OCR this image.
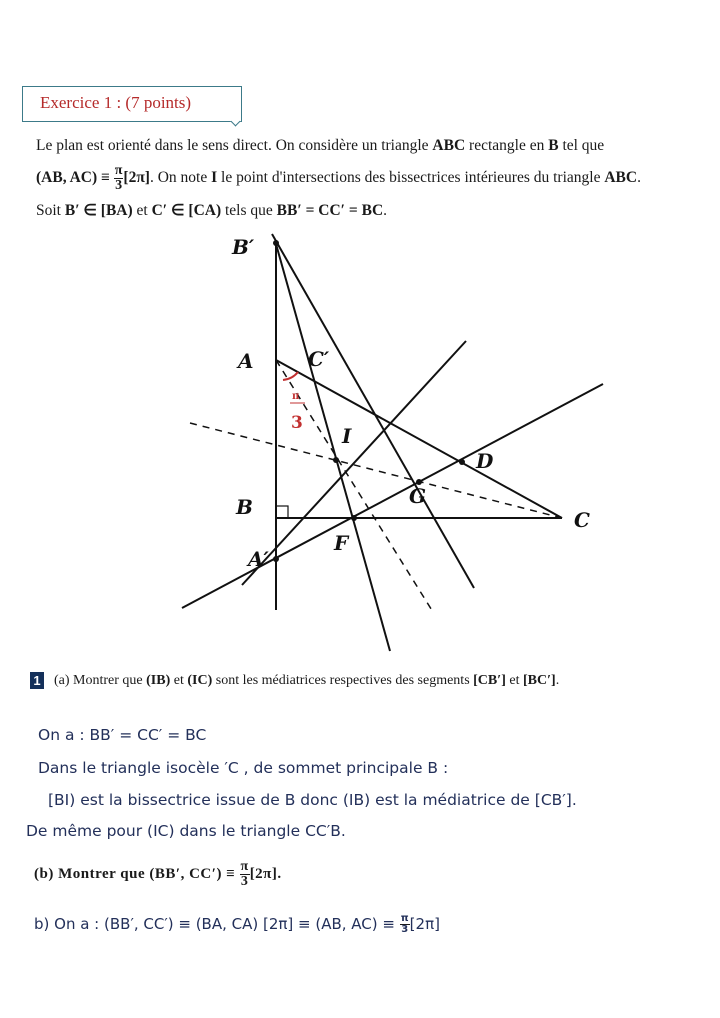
Exercice 1 : (7 points)
Le plan est orienté dans le sens direct. On considère un triangle ABC rectangle en B tel que
(AB, $AC) \equiv \frac{\pi}{3} [2\pi]$. On note I le point d'intersections des bissectrices intérieures du triangle ABC.
Soit B′ ∈ [BA) et C′ ∈ [CA) tels que BB′ = CC′ = BC.
B′
A	C′
I
D
G
B
C
A′
F
π
3
1 (a) Montrer que (IB) et (IC) sont les médiatrices respectives des segments [CB′] et [BC′].
On a : BB′ = CC′ = BC
Dans le triangle isocèle ′C , de sommet principale B :
[BI) est la bissectrice issue de B donc (IB) est la médiatrice de [CB′].
De même pour (IC) dans le triangle CC′B.
(b) Montrer que (BB′, $CC') \equiv \frac{\pi}{3} [2\pi]$.
b) On a : (BB′, CC′) ≡ (BA, CA) [2π] ≡ (AB, $AC) \equiv \frac{\pi}{3} [2\pi]$
